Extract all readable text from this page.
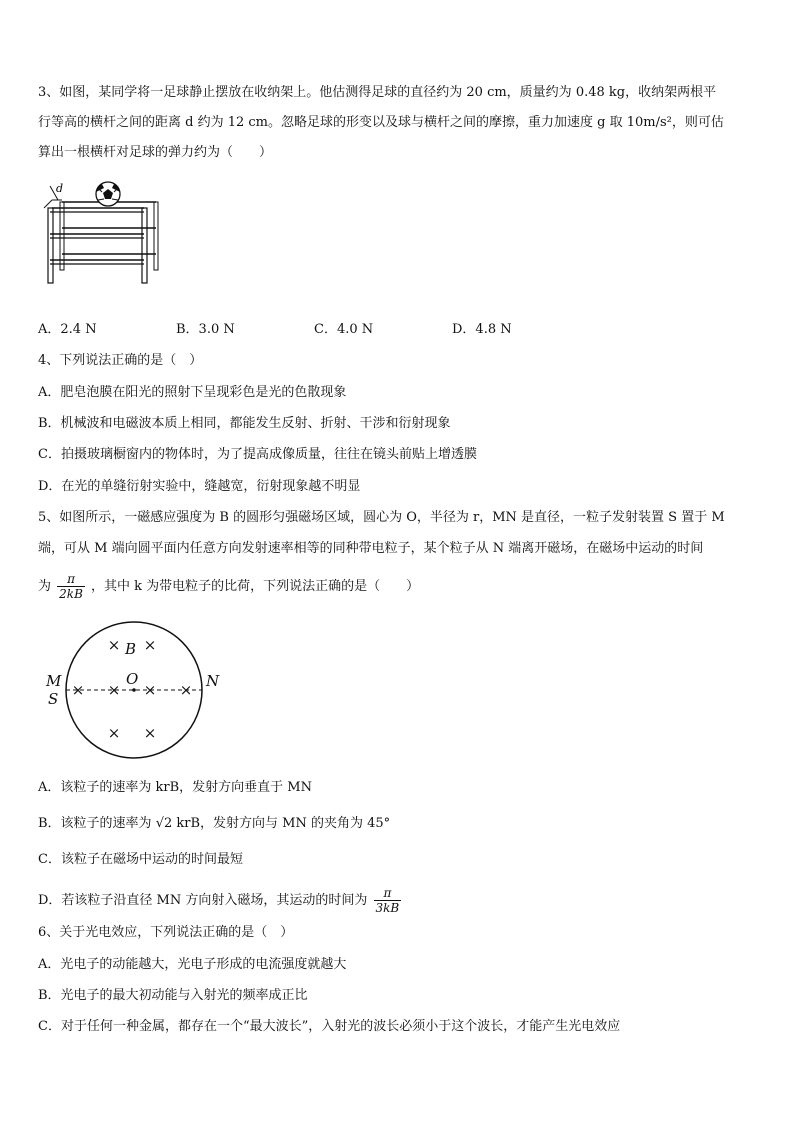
3、如图，某同学将一足球静止摆放在收纳架上。他估测得足球的直径约为 20 cm，质量约为 0.48 kg，收纳架两根平
行等高的横杆之间的距离 d 约为 12 cm。忽略足球的形变以及球与横杆之间的摩擦，重力加速度 g 取 10m/s²，则可估
算出一根横杆对足球的弹力约为（　　）
d
A．2.4 N	B．3.0 N	C．4.0 N	D．4.8 N
4、下列说法正确的是（　）
A．肥皂泡膜在阳光的照射下呈现彩色是光的色散现象
B．机械波和电磁波本质上相同，都能发生反射、折射、干涉和衍射现象
C．拍摄玻璃橱窗内的物体时，为了提高成像质量，往往在镜头前贴上增透膜
D．在光的单缝衍射实验中，缝越宽，衍射现象越不明显
5、如图所示，一磁感应强度为 B 的圆形匀强磁场区域，圆心为 O，半径为 r，MN 是直径，一粒子发射装置 S 置于 M
端，可从 M 端向圆平面内任意方向发射速率相等的同种带电粒子，某个粒子从 N 端离开磁场，在磁场中运动的时间
为 $\frac{\pi}{2kB}$ ，其中 k 为带电粒子的比荷，下列说法正确的是（　　）
× ×
× × × ×
× ×
B
O
M
S
N
A．该粒子的速率为 krB，发射方向垂直于 MN
B．该粒子的速率为 √2 krB，发射方向与 MN 的夹角为 45°
C．该粒子在磁场中运动的时间最短
D．若该粒子沿直径 MN 方向射入磁场，其运动的时间为 $\frac{\pi}{3kB}$
6、关于光电效应，下列说法正确的是（　）
A．光电子的动能越大，光电子形成的电流强度就越大
B．光电子的最大初动能与入射光的频率成正比
C．对于任何一种金属，都存在一个“最大波长”，入射光的波长必须小于这个波长，才能产生光电效应
